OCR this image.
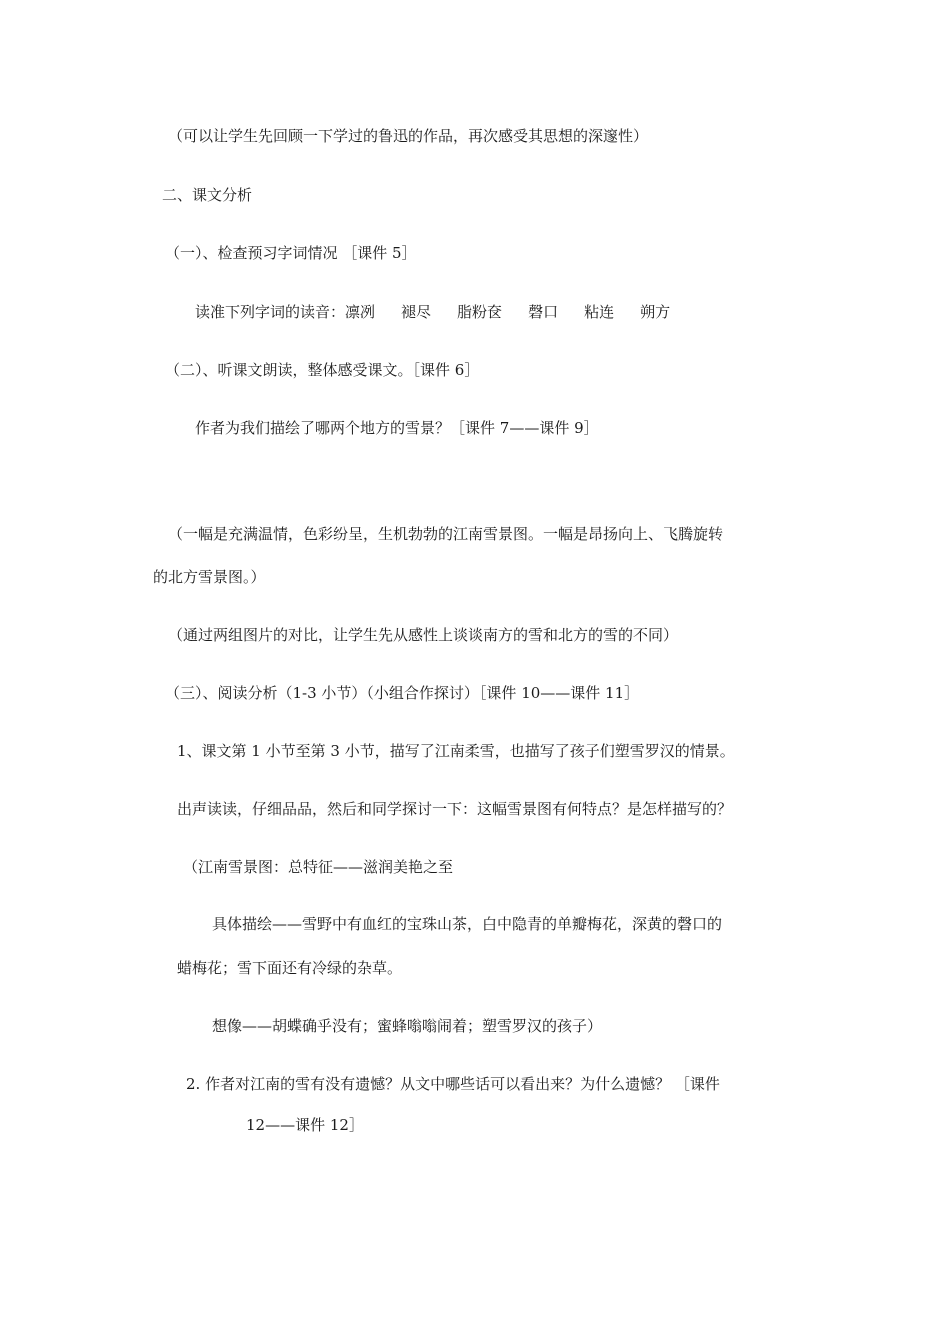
（可以让学生先回顾一下学过的鲁迅的作品，再次感受其思想的深邃性）

二、课文分析

（一）、检查预习字词情况 ［课件 5］

读准下列字词的读音：凛冽 褪尽 脂粉奁 磬口 粘连 朔方

（二）、听课文朗读，整体感受课文。［课件 6］

作者为我们描绘了哪两个地方的雪景？［课件 7——课件 9］

（一幅是充满温情，色彩纷呈，生机勃勃的江南雪景图。一幅是昂扬向上、飞腾旋转

的北方雪景图。）

（通过两组图片的对比，让学生先从感性上谈谈南方的雪和北方的雪的不同）

（三）、阅读分析（1-3 小节）（小组合作探讨）［课件 10——课件 11］

1、课文第 1 小节至第 3 小节，描写了江南柔雪，也描写了孩子们塑雪罗汉的情景。

出声读读，仔细品品，然后和同学探讨一下：这幅雪景图有何特点？是怎样描写的？

（江南雪景图：总特征——滋润美艳之至

具体描绘——雪野中有血红的宝珠山茶，白中隐青的单瓣梅花，深黄的磬口的

蜡梅花；雪下面还有冷绿的杂草。

想像——胡蝶确乎没有；蜜蜂嗡嗡闹着；塑雪罗汉的孩子）

2. 作者对江南的雪有没有遗憾？从文中哪些话可以看出来？为什么遗憾？ ［课件

12——课件 12］
